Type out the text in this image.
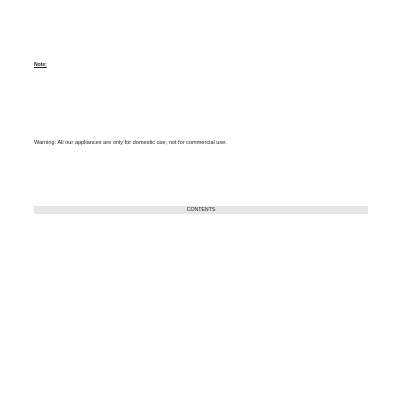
Note:

Warning: All our appliances are only for domestic use, not for commercial use.

CONTENTS
